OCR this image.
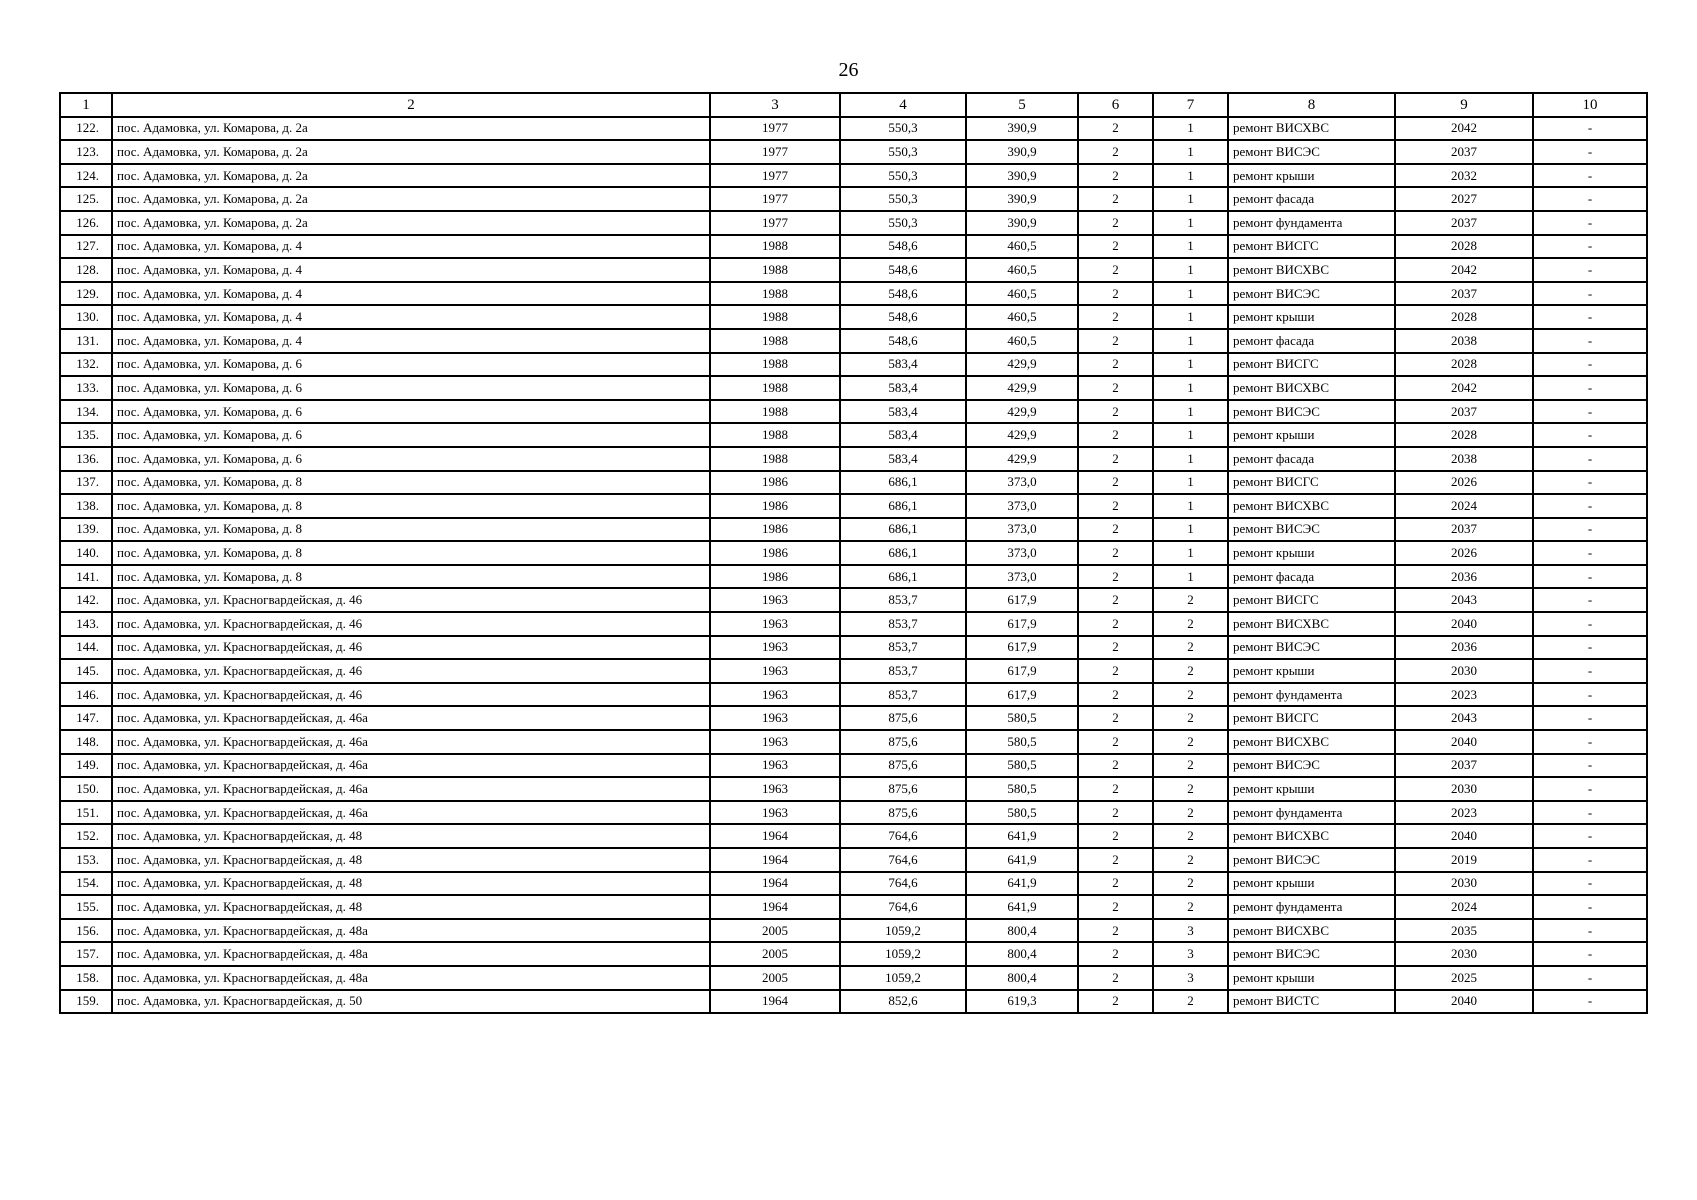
26
1	2	3	4	5	6	7	8	9	10
122.	пос. Адамовка, ул. Комарова, д. 2а	1977	550,3	390,9	2	1	ремонт ВИСХВС	2042	-
123.	пос. Адамовка, ул. Комарова, д. 2а	1977	550,3	390,9	2	1	ремонт ВИСЭС	2037	-
124.	пос. Адамовка, ул. Комарова, д. 2а	1977	550,3	390,9	2	1	ремонт крыши	2032	-
125.	пос. Адамовка, ул. Комарова, д. 2а	1977	550,3	390,9	2	1	ремонт фасада	2027	-
126.	пос. Адамовка, ул. Комарова, д. 2а	1977	550,3	390,9	2	1	ремонт фундамента	2037	-
127.	пос. Адамовка, ул. Комарова, д. 4	1988	548,6	460,5	2	1	ремонт ВИСГС	2028	-
128.	пос. Адамовка, ул. Комарова, д. 4	1988	548,6	460,5	2	1	ремонт ВИСХВС	2042	-
129.	пос. Адамовка, ул. Комарова, д. 4	1988	548,6	460,5	2	1	ремонт ВИСЭС	2037	-
130.	пос. Адамовка, ул. Комарова, д. 4	1988	548,6	460,5	2	1	ремонт крыши	2028	-
131.	пос. Адамовка, ул. Комарова, д. 4	1988	548,6	460,5	2	1	ремонт фасада	2038	-
132.	пос. Адамовка, ул. Комарова, д. 6	1988	583,4	429,9	2	1	ремонт ВИСГС	2028	-
133.	пос. Адамовка, ул. Комарова, д. 6	1988	583,4	429,9	2	1	ремонт ВИСХВС	2042	-
134.	пос. Адамовка, ул. Комарова, д. 6	1988	583,4	429,9	2	1	ремонт ВИСЭС	2037	-
135.	пос. Адамовка, ул. Комарова, д. 6	1988	583,4	429,9	2	1	ремонт крыши	2028	-
136.	пос. Адамовка, ул. Комарова, д. 6	1988	583,4	429,9	2	1	ремонт фасада	2038	-
137.	пос. Адамовка, ул. Комарова, д. 8	1986	686,1	373,0	2	1	ремонт ВИСГС	2026	-
138.	пос. Адамовка, ул. Комарова, д. 8	1986	686,1	373,0	2	1	ремонт ВИСХВС	2024	-
139.	пос. Адамовка, ул. Комарова, д. 8	1986	686,1	373,0	2	1	ремонт ВИСЭС	2037	-
140.	пос. Адамовка, ул. Комарова, д. 8	1986	686,1	373,0	2	1	ремонт крыши	2026	-
141.	пос. Адамовка, ул. Комарова, д. 8	1986	686,1	373,0	2	1	ремонт фасада	2036	-
142.	пос. Адамовка, ул. Красногвардейская, д. 46	1963	853,7	617,9	2	2	ремонт ВИСГС	2043	-
143.	пос. Адамовка, ул. Красногвардейская, д. 46	1963	853,7	617,9	2	2	ремонт ВИСХВС	2040	-
144.	пос. Адамовка, ул. Красногвардейская, д. 46	1963	853,7	617,9	2	2	ремонт ВИСЭС	2036	-
145.	пос. Адамовка, ул. Красногвардейская, д. 46	1963	853,7	617,9	2	2	ремонт крыши	2030	-
146.	пос. Адамовка, ул. Красногвардейская, д. 46	1963	853,7	617,9	2	2	ремонт фундамента	2023	-
147.	пос. Адамовка, ул. Красногвардейская, д. 46а	1963	875,6	580,5	2	2	ремонт ВИСГС	2043	-
148.	пос. Адамовка, ул. Красногвардейская, д. 46а	1963	875,6	580,5	2	2	ремонт ВИСХВС	2040	-
149.	пос. Адамовка, ул. Красногвардейская, д. 46а	1963	875,6	580,5	2	2	ремонт ВИСЭС	2037	-
150.	пос. Адамовка, ул. Красногвардейская, д. 46а	1963	875,6	580,5	2	2	ремонт крыши	2030	-
151.	пос. Адамовка, ул. Красногвардейская, д. 46а	1963	875,6	580,5	2	2	ремонт фундамента	2023	-
152.	пос. Адамовка, ул. Красногвардейская, д. 48	1964	764,6	641,9	2	2	ремонт ВИСХВС	2040	-
153.	пос. Адамовка, ул. Красногвардейская, д. 48	1964	764,6	641,9	2	2	ремонт ВИСЭС	2019	-
154.	пос. Адамовка, ул. Красногвардейская, д. 48	1964	764,6	641,9	2	2	ремонт крыши	2030	-
155.	пос. Адамовка, ул. Красногвардейская, д. 48	1964	764,6	641,9	2	2	ремонт фундамента	2024	-
156.	пос. Адамовка, ул. Красногвардейская, д. 48а	2005	1059,2	800,4	2	3	ремонт ВИСХВС	2035	-
157.	пос. Адамовка, ул. Красногвардейская, д. 48а	2005	1059,2	800,4	2	3	ремонт ВИСЭС	2030	-
158.	пос. Адамовка, ул. Красногвардейская, д. 48а	2005	1059,2	800,4	2	3	ремонт крыши	2025	-
159.	пос. Адамовка, ул. Красногвардейская, д. 50	1964	852,6	619,3	2	2	ремонт ВИСТС	2040	-
